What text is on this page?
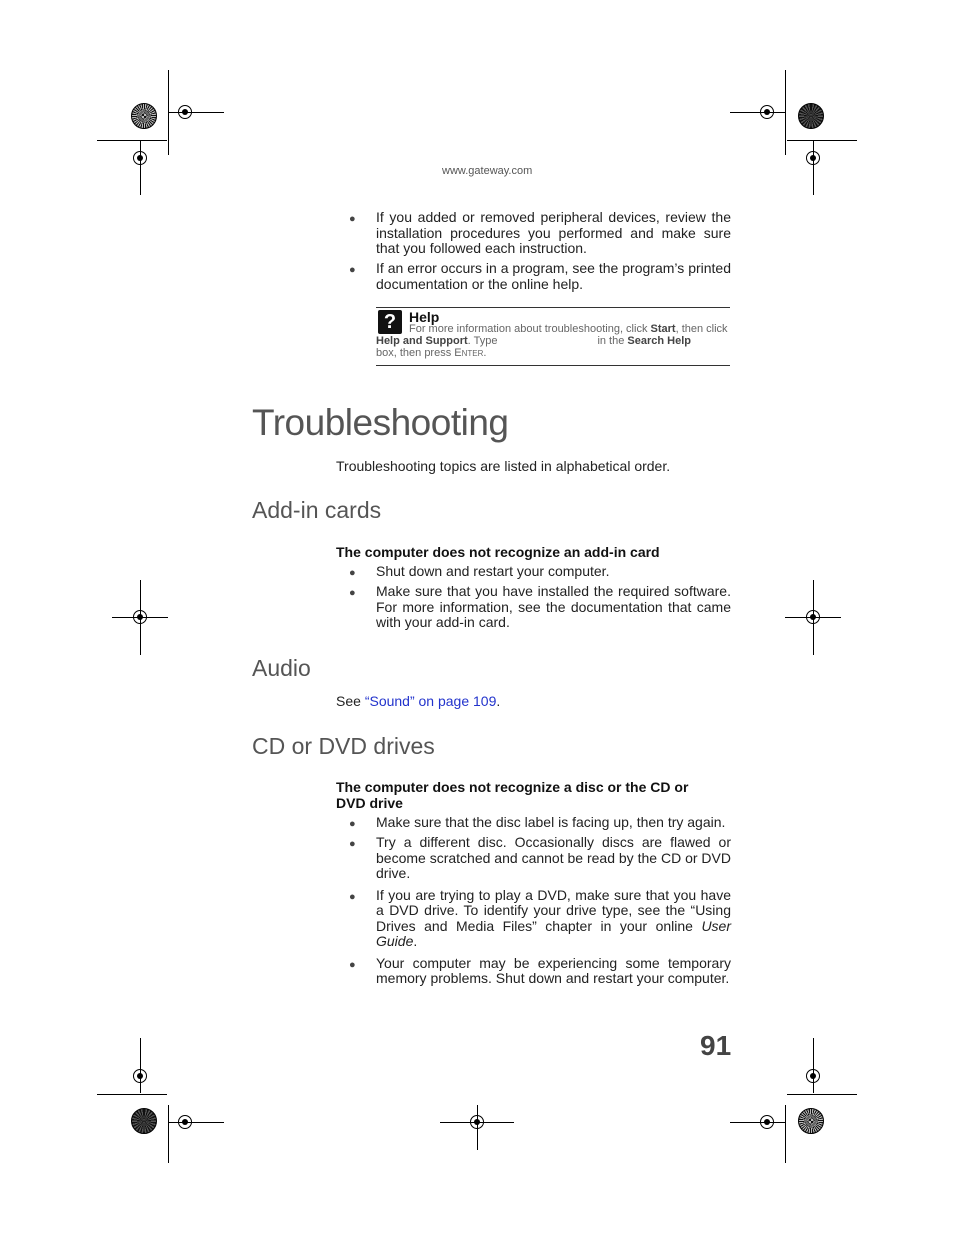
www.gateway.com
● If you added or removed peripheral devices, review the installation procedures you performed and make sure that you followed each instruction.
● If an error occurs in a program, see the program’s printed documentation or the online help.
? Help
For more information about troubleshooting, click Start, then click Help and Support. Type	in the Search Help
box, then press Enter.
Troubleshooting
Troubleshooting topics are listed in alphabetical order.
Add-in cards
The computer does not recognize an add-in card
● Shut down and restart your computer.
● Make sure that you have installed the required software. For more information, see the documentation that came with your add-in card.
Audio
See “Sound” on page 109.
CD or DVD drives
The computer does not recognize a disc or the CD or
DVD drive
● Make sure that the disc label is facing up, then try again.
● Try a different disc. Occasionally discs are flawed or become scratched and cannot be read by the CD or DVD drive.
● If you are trying to play a DVD, make sure that you have a DVD drive. To identify your drive type, see the “Using Drives and Media Files” chapter in your online User Guide.
● Your computer may be experiencing some temporary memory problems. Shut down and restart your computer.
91
